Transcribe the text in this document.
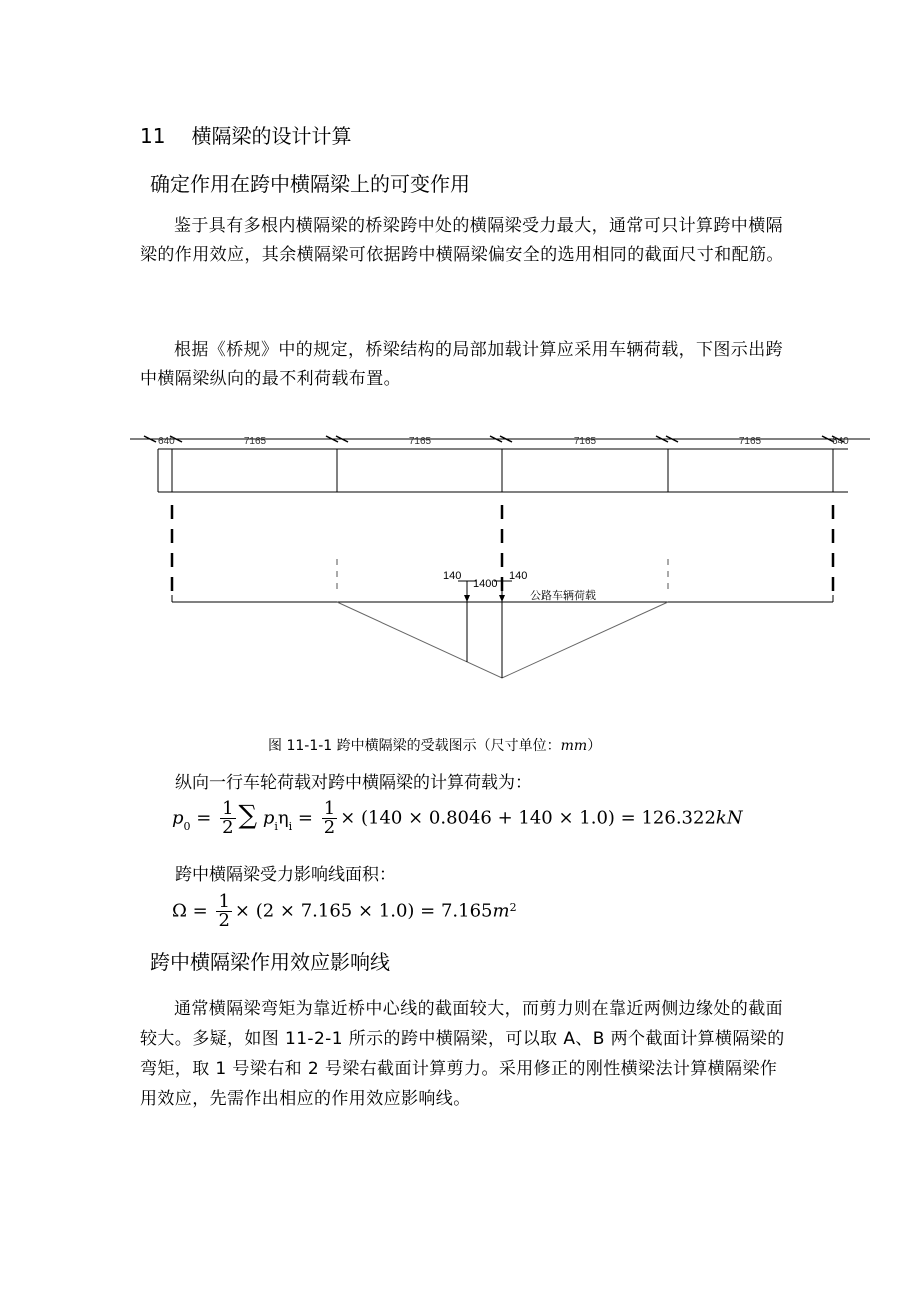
11 横隔梁的设计计算
确定作用在跨中横隔梁上的可变作用
鉴于具有多根内横隔梁的桥梁跨中处的横隔梁受力最大，通常可只计算跨中横隔梁的作用效应，其余横隔梁可依据跨中横隔梁偏安全的选用相同的截面尺寸和配筋。
根据《桥规》中的规定，桥梁结构的局部加载计算应采用车辆荷载，下图示出跨中横隔梁纵向的最不利荷载布置。
640	7165	7165	7165	7165	640
140
1400
140
公路车辆荷载
图 11-1-1 跨中横隔梁的受载图示（尺寸单位：mm）
纵向一行车轮荷载对跨中横隔梁的计算荷载为：
$p_0 = \frac{1}{2}$ ∑ $p_i\eta_i = \frac{1}{2} \times (140 \times 0.8046 + 140 \times 1.0) = 126.322kN$
跨中横隔梁受力影响线面积：
$\Omega = \frac{1}{2} \times (2 \times 7.165 \times 1.0) = 7.165m^2$
跨中横隔梁作用效应影响线
通常横隔梁弯矩为靠近桥中心线的截面较大，而剪力则在靠近两侧边缘处的截面较大。多疑，如图 11-2-1 所示的跨中横隔梁，可以取 A、B 两个截面计算横隔梁的弯矩，取 1 号梁右和 2 号梁右截面计算剪力。采用修正的刚性横梁法计算横隔梁作用效应，先需作出相应的作用效应影响线。
